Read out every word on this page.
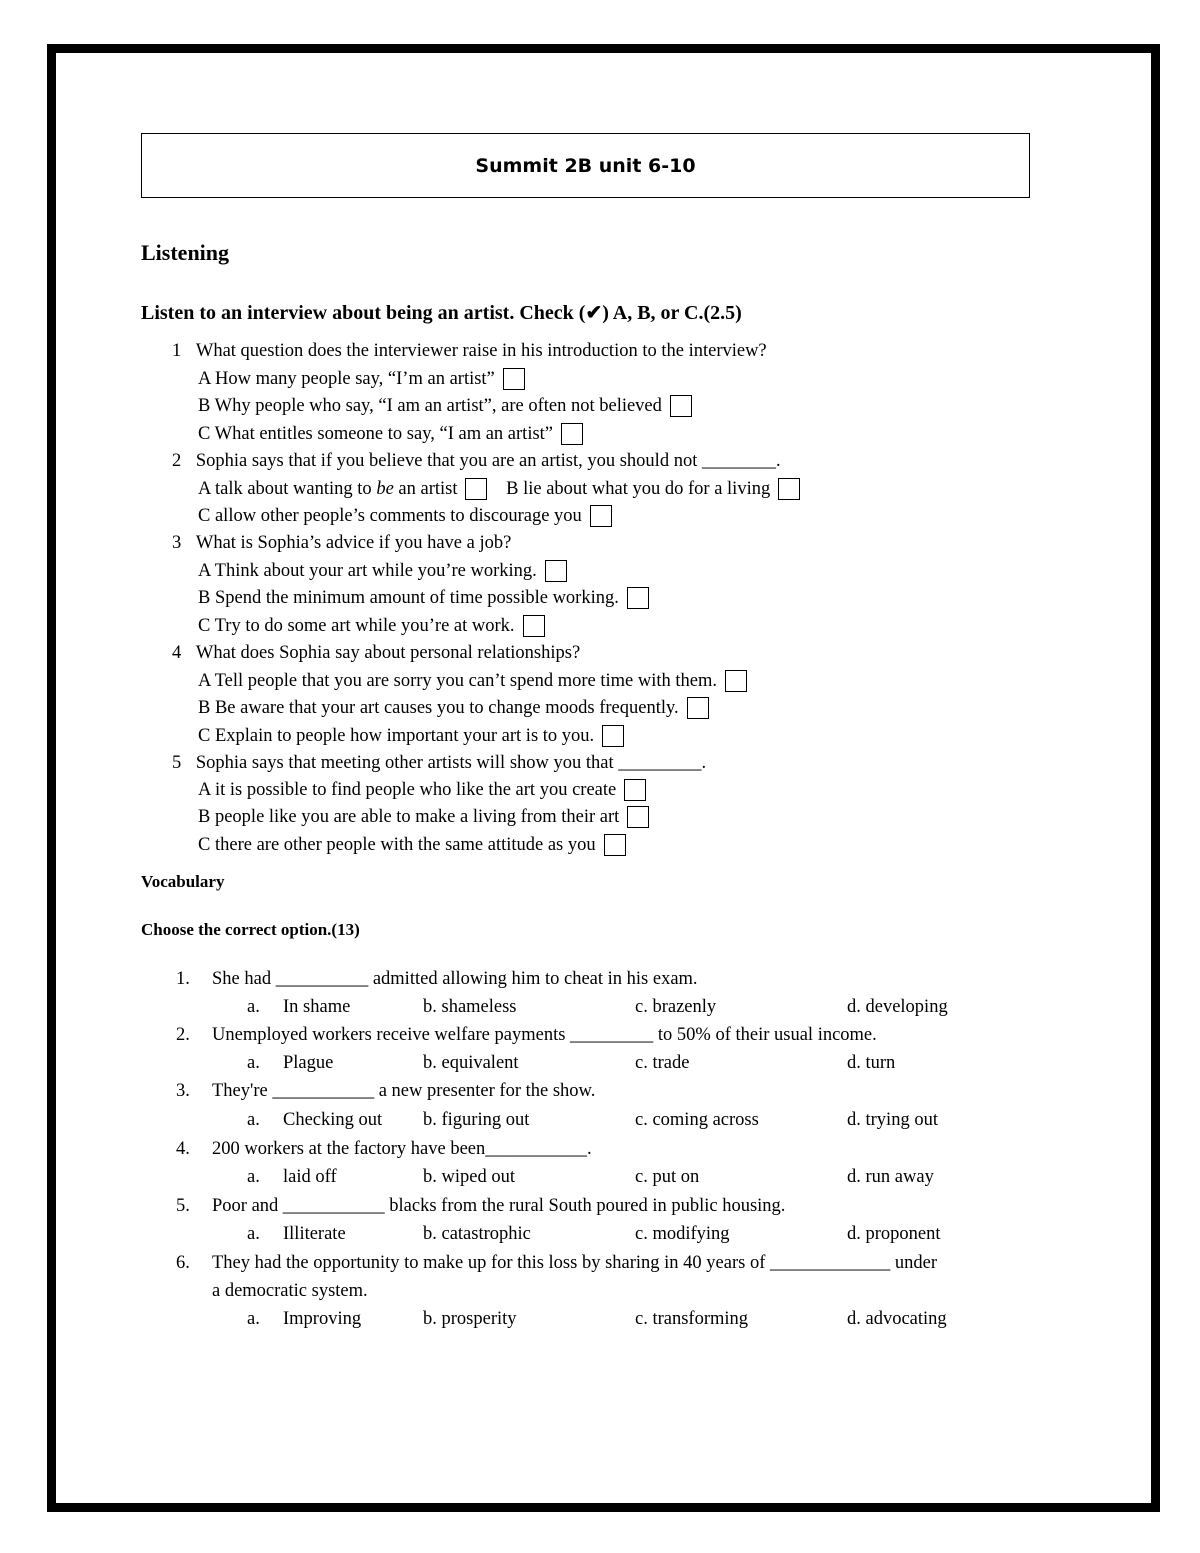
Summit 2B unit 6-10
Listening
Listen to an interview about being an artist. Check (✔) A, B, or C.(2.5)
1 What question does the interviewer raise in his introduction to the interview?
A How many people say, “I’m an artist”
B Why people who say, “I am an artist”, are often not believed
C What entitles someone to say, “I am an artist”
2 Sophia says that if you believe that you are an artist, you should not ________.
A talk about wanting to be an artist	B lie about what you do for a living
C allow other people’s comments to discourage you
3 What is Sophia’s advice if you have a job?
A Think about your art while you’re working.
B Spend the minimum amount of time possible working.
C Try to do some art while you’re at work.
4 What does Sophia say about personal relationships?
A Tell people that you are sorry you can’t spend more time with them.
B Be aware that your art causes you to change moods frequently.
C Explain to people how important your art is to you.
5 Sophia says that meeting other artists will show you that _________.
A it is possible to find people who like the art you create
B people like you are able to make a living from their art
C there are other people with the same attitude as you
Vocabulary
Choose the correct option.(13)
1. She had __________ admitted allowing him to cheat in his exam.
a. In shame	b. shameless	c. brazenly	d. developing
2. Unemployed workers receive welfare payments _________ to 50% of their usual income.
a. Plague	b. equivalent	c. trade	d. turn
3. They're ___________ a new presenter for the show.
a. Checking out b. figuring out	c. coming across	d. trying out
4. 200 workers at the factory have been___________.
a. laid off	b. wiped out	c. put on	d. run away
5. Poor and ___________ blacks from the rural South poured in public housing.
a. Illiterate	b. catastrophic	c. modifying	d. proponent
6. They had the opportunity to make up for this loss by sharing in 40 years of _____________ under
a democratic system.
a. Improving	b. prosperity	c. transforming	d. advocating
